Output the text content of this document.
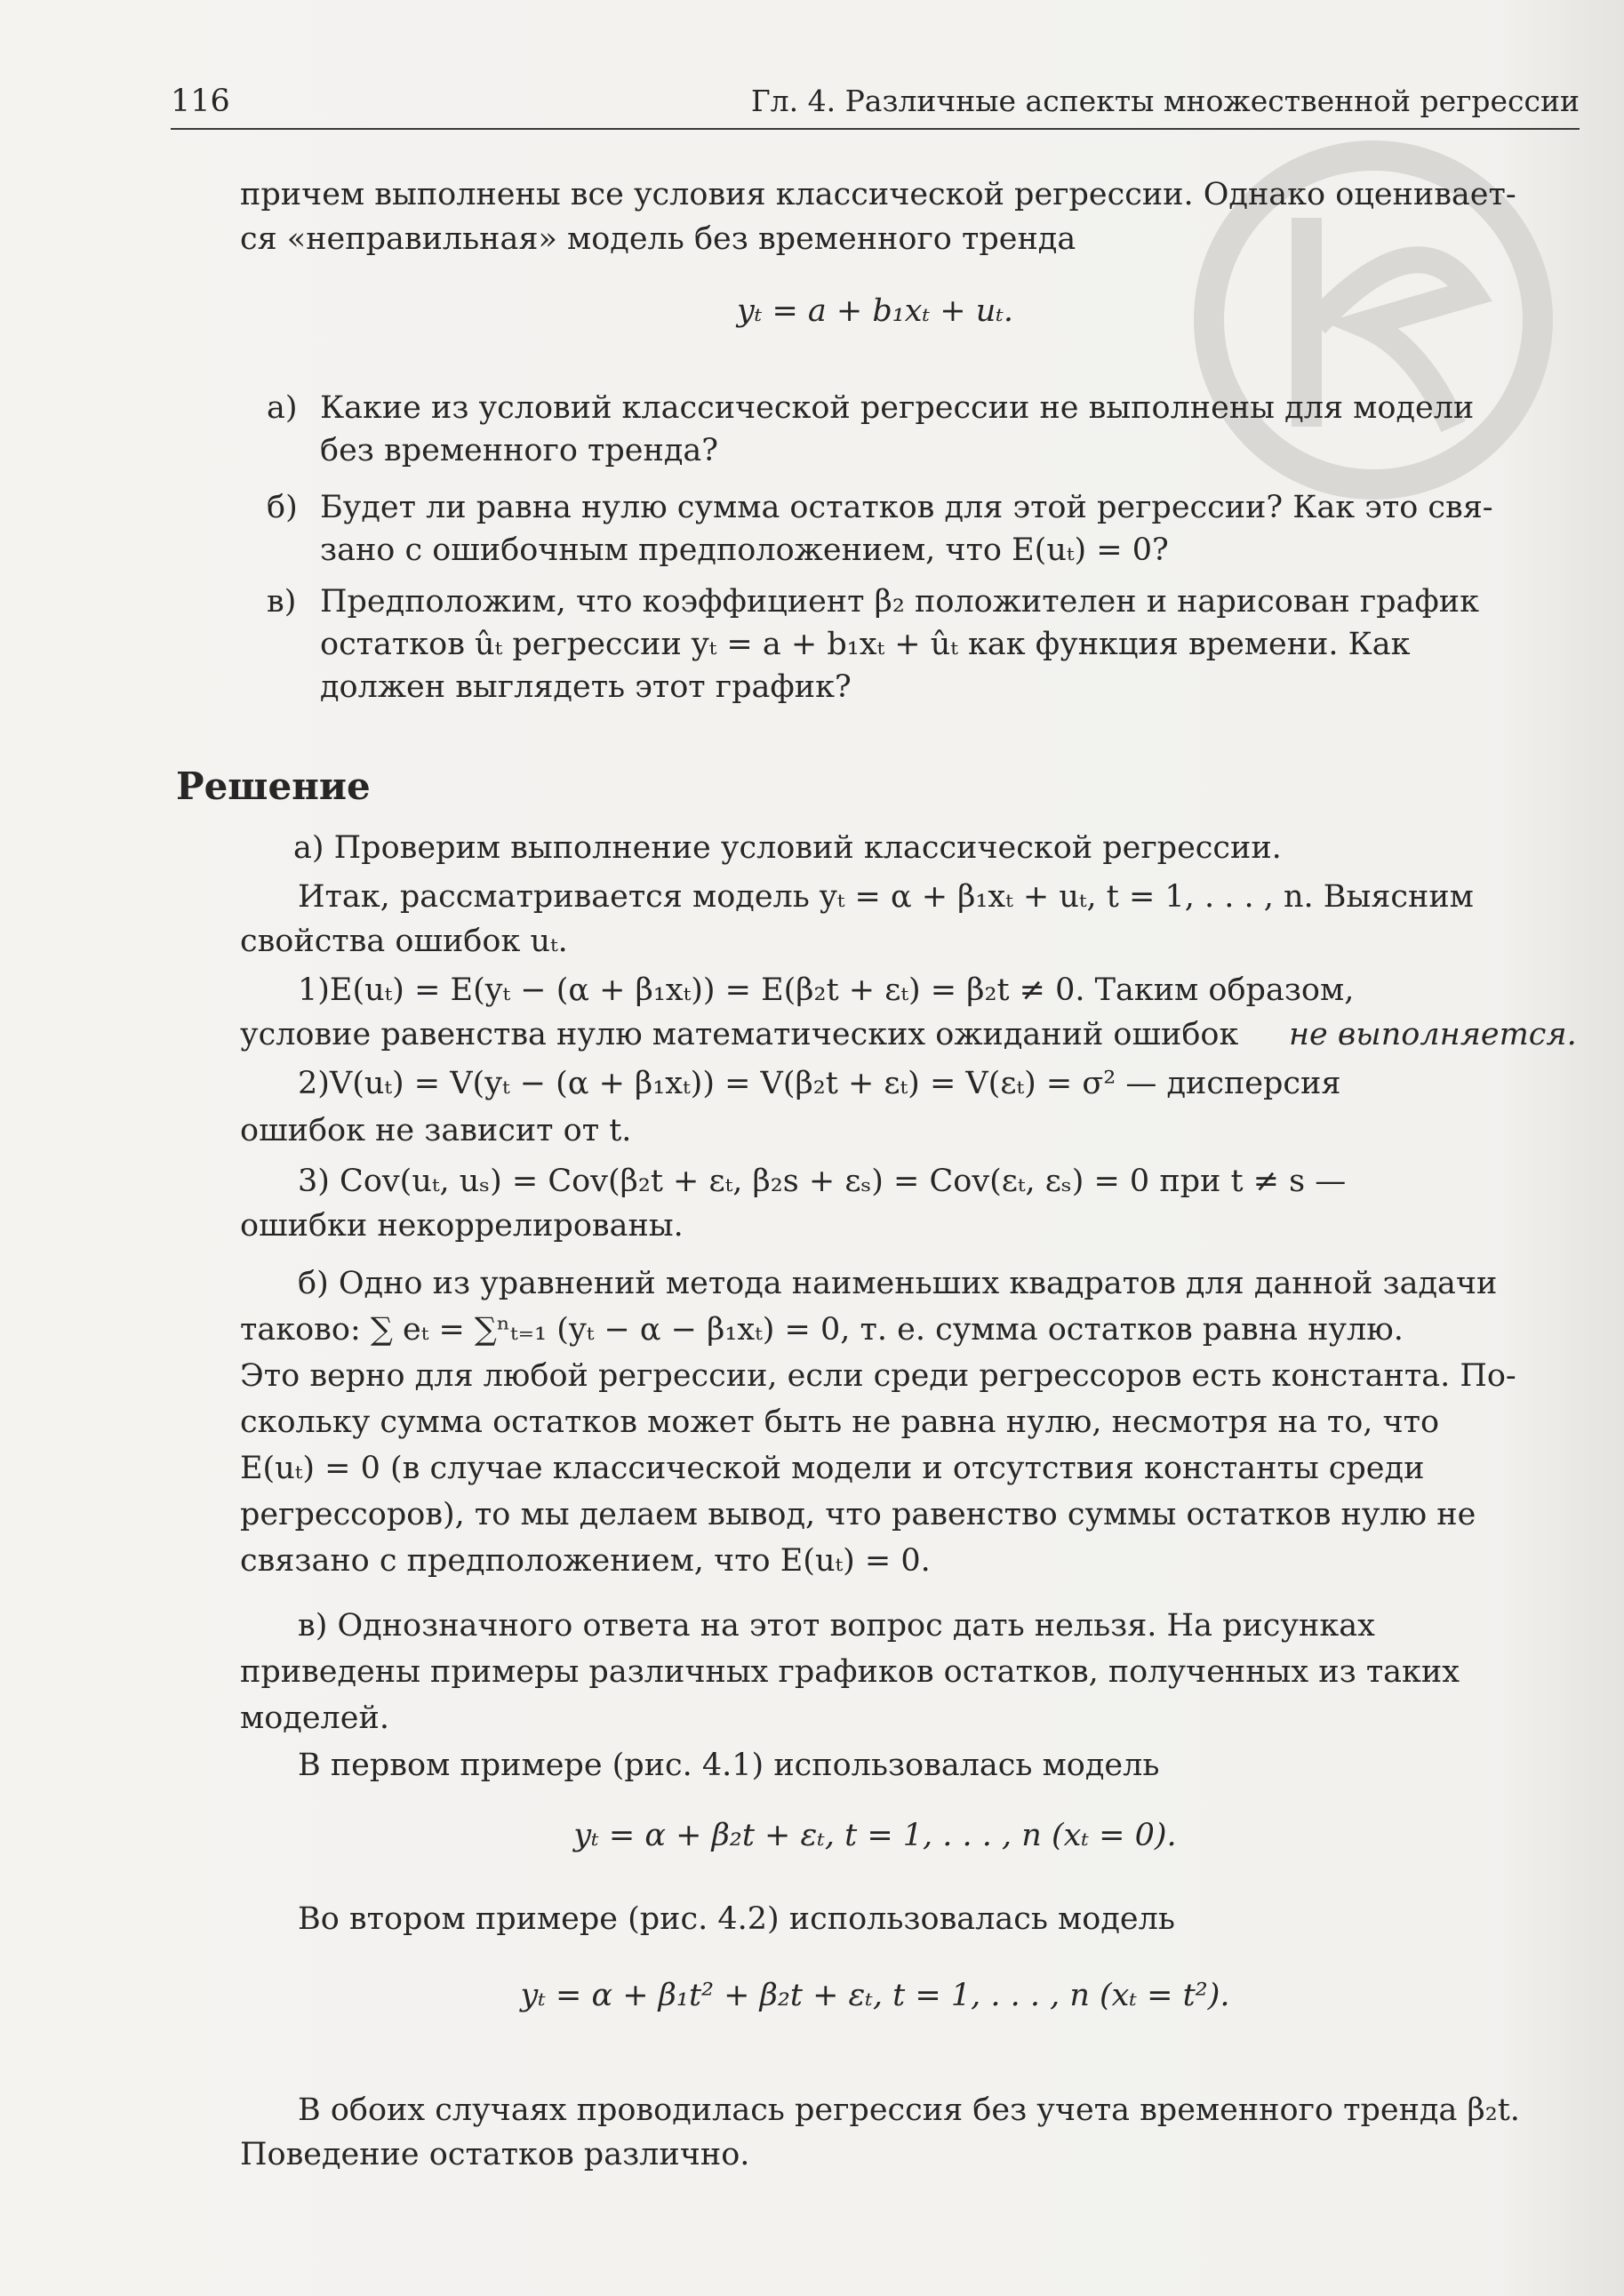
116	Гл. 4. Различные аспекты множественной регрессии
причем выполнены все условия классической регрессии. Однако оценивает-
ся «неправильная» модель без временного тренда
yₜ = a + b₁xₜ + uₜ.
а) Какие из условий классической регрессии не выполнены для модели
без временного тренда?
б) Будет ли равна нулю сумма остатков для этой регрессии? Как это свя-
зано с ошибочным предположением, что E(uₜ) = 0?
в) Предположим, что коэффициент β₂ положителен и нарисован график
остатков ûₜ регрессии yₜ = a + b₁xₜ + ûₜ как функция времени. Как
должен выглядеть этот график?
Решение
а) Проверим выполнение условий классической регрессии.
Итак, рассматривается модель yₜ = α + β₁xₜ + uₜ, t = 1, . . . , n. Выясним
свойства ошибок uₜ.
1)E(uₜ) = E(yₜ − (α + β₁xₜ)) = E(β₂t + εₜ) = β₂t ≠ 0. Таким образом,
условие равенства нулю математических ожиданий ошибок	не выполняется.
2)V(uₜ) = V(yₜ − (α + β₁xₜ)) = V(β₂t + εₜ) = V(εₜ) = σ² — дисперсия
ошибок не зависит от t.
3) Cov(uₜ, uₛ) = Cov(β₂t + εₜ, β₂s + εₛ) = Cov(εₜ, εₛ) = 0 при t ≠ s —
ошибки некоррелированы.
б) Одно из уравнений метода наименьших квадратов для данной задачи
таково: ∑ eₜ = ∑ⁿₜ₌₁ (yₜ − α − β₁xₜ) = 0, т. е. сумма остатков равна нулю.
Это верно для любой регрессии, если среди регрессоров есть константа. По-
скольку сумма остатков может быть не равна нулю, несмотря на то, что
E(uₜ) = 0 (в случае классической модели и отсутствия константы среди
регрессоров), то мы делаем вывод, что равенство суммы остатков нулю не
связано с предположением, что E(uₜ) = 0.
в) Однозначного ответа на этот вопрос дать нельзя. На рисунках
приведены примеры различных графиков остатков, полученных из таких
моделей.
В первом примере (рис. 4.1) использовалась модель
yₜ = α + β₂t + εₜ, t = 1, . . . , n (xₜ = 0).
Во втором примере (рис. 4.2) использовалась модель
yₜ = α + β₁t² + β₂t + εₜ, t = 1, . . . , n (xₜ = t²).
В обоих случаях проводилась регрессия без учета временного тренда β₂t.
Поведение остатков различно.
